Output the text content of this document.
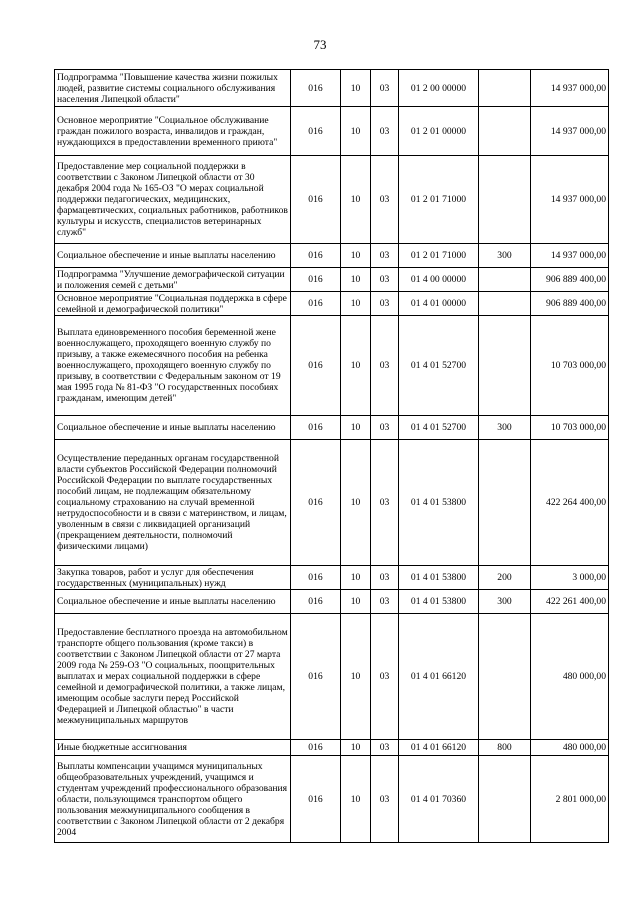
73
Подпрограмма "Повышение качества жизни пожилых людей, развитие системы социального обслуживания населения Липецкой области"	016	10	03	01 2 00 00000		14 937 000,00
Основное мероприятие "Социальное обслуживание граждан пожилого возраста, инвалидов и граждан, нуждающихся в предоставлении временного приюта"	016	10	03	01 2 01 00000		14 937 000,00
Предоставление мер социальной поддержки в соответствии с Законом Липецкой области от 30 декабря 2004 года № 165-ОЗ "О мерах социальной поддержки педагогических, медицинских, фармацевтических, социальных работников, работников культуры и искусств, специалистов ветеринарных служб"	016	10	03	01 2 01 71000		14 937 000,00
Социальное обеспечение и иные выплаты населению	016	10	03	01 2 01 71000	300	14 937 000,00
Подпрограмма "Улучшение демографической ситуации и положения семей с детьми"	016	10	03	01 4 00 00000		906 889 400,00
Основное мероприятие "Социальная поддержка в сфере семейной и демографической политики"	016	10	03	01 4 01 00000		906 889 400,00
Выплата единовременного пособия беременной жене военнослужащего, проходящего военную службу по призыву, а также ежемесячного пособия на ребенка военнослужащего, проходящего военную службу по призыву, в соответствии с Федеральным законом от 19 мая 1995 года № 81-ФЗ "О государственных пособиях гражданам, имеющим детей"	016	10	03	01 4 01 52700		10 703 000,00
Социальное обеспечение и иные выплаты населению	016	10	03	01 4 01 52700	300	10 703 000,00
Осуществление переданных органам государственной власти субъектов Российской Федерации полномочий Российской Федерации по выплате государственных пособий лицам, не подлежащим обязательному социальному страхованию на случай временной нетрудоспособности и в связи с материнством, и лицам, уволенным в связи с ликвидацией организаций (прекращением деятельности, полномочий физическими лицами)	016	10	03	01 4 01 53800		422 264 400,00
Закупка товаров, работ и услуг для обеспечения государственных (муниципальных) нужд	016	10	03	01 4 01 53800	200	3 000,00
Социальное обеспечение и иные выплаты населению	016	10	03	01 4 01 53800	300	422 261 400,00
Предоставление бесплатного проезда на автомобильном транспорте общего пользования (кроме такси) в соответствии с Законом Липецкой области от 27 марта 2009 года № 259-ОЗ "О социальных, поощрительных выплатах и мерах социальной поддержки в сфере семейной и демографической политики, а также лицам, имеющим особые заслуги перед Российской Федерацией и Липецкой областью" в части межмуниципальных маршрутов	016	10	03	01 4 01 66120		480 000,00
Иные бюджетные ассигнования	016	10	03	01 4 01 66120	800	480 000,00
Выплаты компенсации учащимся муниципальных общеобразовательных учреждений, учащимся и студентам учреждений профессионального образования области, пользующимся транспортом общего пользования межмуниципального сообщения в соответствии с Законом Липецкой области от 2 декабря 2004	016	10	03	01 4 01 70360		2 801 000,00
